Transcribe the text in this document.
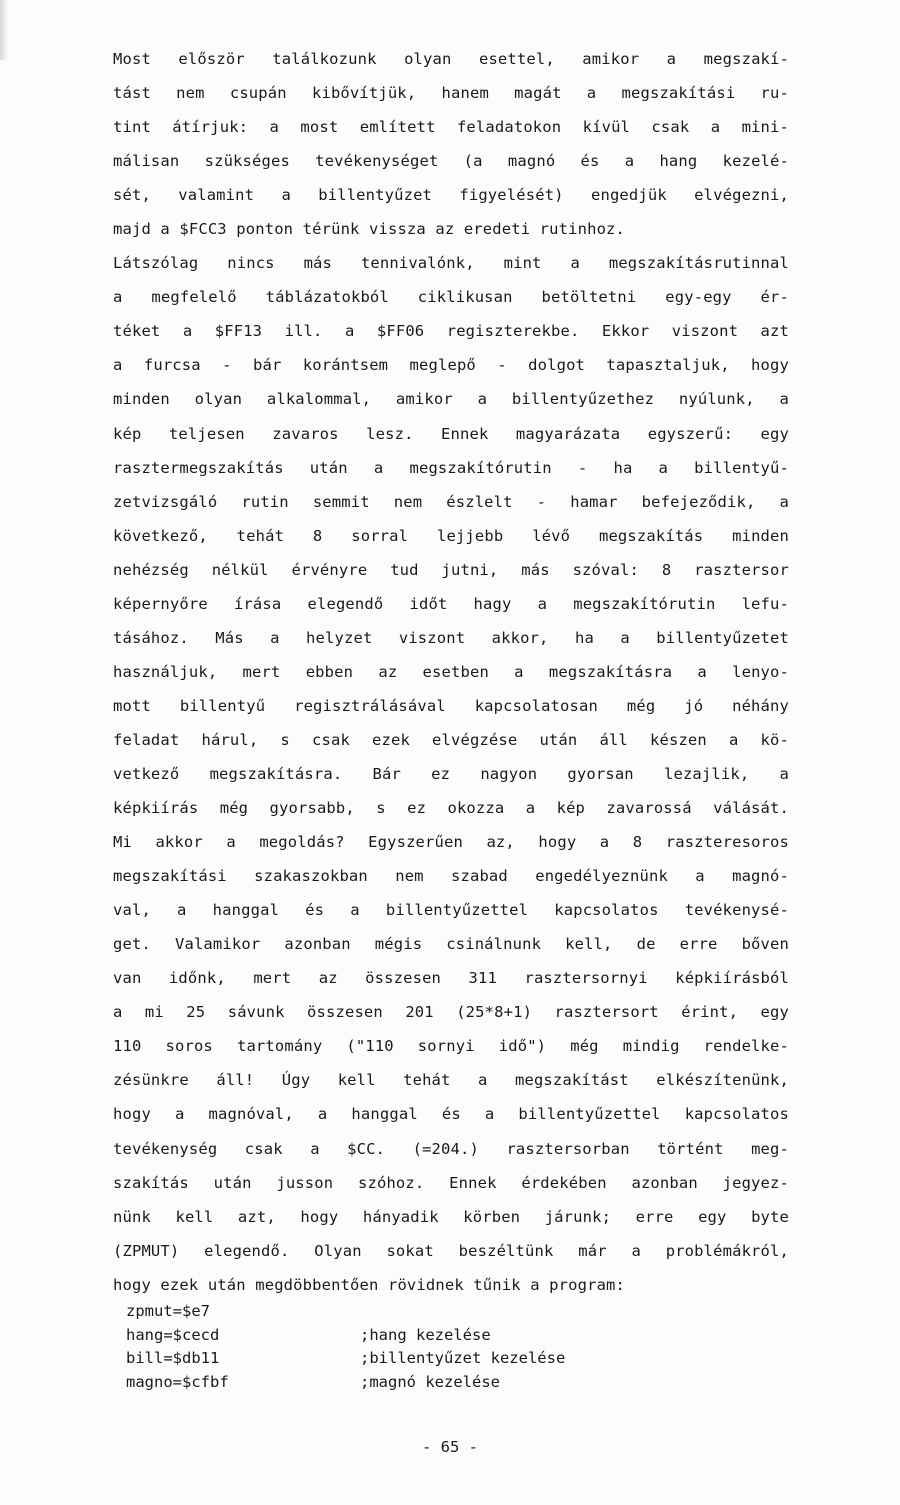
Most először találkozunk olyan esettel, amikor a megszakí-
tást nem csupán kibővítjük, hanem magát a megszakítási ru-
tint átírjuk: a most említett feladatokon kívül csak a mini-
málisan szükséges tevékenységet (a magnó és a hang kezelé-
sét, valamint a billentyűzet figyelését) engedjük elvégezni,
majd a $FCC3 ponton térünk vissza az eredeti rutinhoz.
Látszólag nincs más tennivalónk, mint a megszakításrutinnal
a megfelelő táblázatokból ciklikusan betöltetni egy-egy ér-
téket a $FF13 ill. a $FF06 regiszterekbe. Ekkor viszont azt
a furcsa - bár korántsem meglepő - dolgot tapasztaljuk, hogy
minden olyan alkalommal, amikor a billentyűzethez nyúlunk, a
kép teljesen zavaros lesz. Ennek magyarázata egyszerű: egy
rasztermegszakítás után a megszakítórutin - ha a billentyű-
zetvizsgáló rutin semmit nem észlelt - hamar befejeződik, a
következő, tehát 8 sorral lejjebb lévő megszakítás minden
nehézség nélkül érvényre tud jutni, más szóval: 8 rasztersor
képernyőre írása elegendő időt hagy a megszakítórutin lefu-
tásához. Más a helyzet viszont akkor, ha a billentyűzetet
használjuk, mert ebben az esetben a megszakításra a lenyo-
mott billentyű regisztrálásával kapcsolatosan még jó néhány
feladat hárul, s csak ezek elvégzése után áll készen a kö-
vetkező megszakításra. Bár ez nagyon gyorsan lezajlik, a
képkiírás még gyorsabb, s ez okozza a kép zavarossá válását.
Mi akkor a megoldás? Egyszerűen az, hogy a 8 raszteresoros
megszakítási szakaszokban nem szabad engedélyeznünk a magnó-
val, a hanggal és a billentyűzettel kapcsolatos tevékenysé-
get. Valamikor azonban mégis csinálnunk kell, de erre bőven
van időnk, mert az összesen 311 rasztersornyi képkiírásból
a mi 25 sávunk összesen 201 (25*8+1) rasztersort érint, egy
110 soros tartomány ("110 sornyi idő") még mindig rendelke-
zésünkre áll! Úgy kell tehát a megszakítást elkészítenünk,
hogy a magnóval, a hanggal és a billentyűzettel kapcsolatos
tevékenység csak a $CC. (=204.) rasztersorban történt meg-
szakítás után jusson szóhoz. Ennek érdekében azonban jegyez-
nünk kell azt, hogy hányadik körben járunk; erre egy byte
(ZPMUT) elegendő. Olyan sokat beszéltünk már a problémákról,
hogy ezek után megdöbbentően rövidnek tűnik a program:
zpmut=$e7
hang=$cecd	;hang kezelése
bill=$db11	;billentyűzet kezelése
magno=$cfbf	;magnó kezelése
- 65 -
